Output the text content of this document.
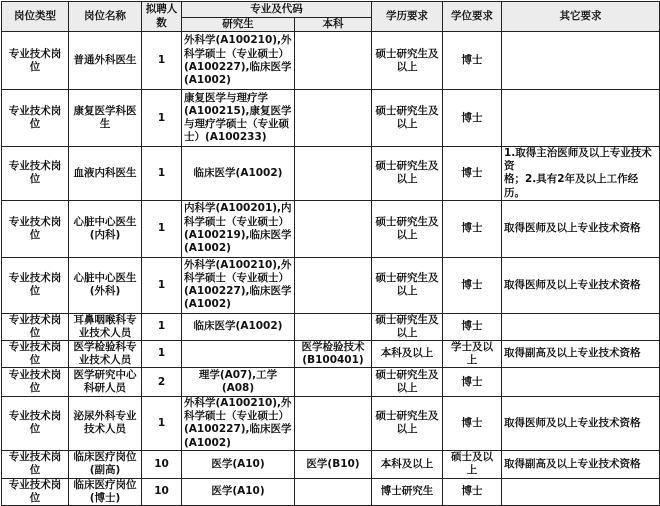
岗位类型	岗位名称	拟聘人
数	专业及代码		学历要求	学位要求	其它要求

			研究生	本科			

专业技术岗
位	普通外科医生	1	外科学(A100210),外
科学硕士（专业硕士）
(A100227),临床医学
(A1002)		硕士研究生及
以上	博士	

专业技术岗
位	康复医学科医生	1	康复医学与理疗学
(A100215),康复医学
与理疗学硕士（专业硕
士）(A100233)		硕士研究生及
以上	博士	

专业技术岗
位	血液内科医生	1	临床医学(A1002)		硕士研究生及
以上	博士	1.取得主治医师及以上专业技术资
格；2.具有2年及以上工作经历。

专业技术岗
位	心脏中心医生
(内科)	1	内科学(A100201),内
科学硕士（专业硕士）
(A100219),临床医学
(A1002)		硕士研究生及
以上	博士	取得医师及以上专业技术资格

专业技术岗
位	心脏中心医生
(外科)	1	外科学(A100210),外
科学硕士（专业硕士）
(A100227),临床医学
(A1002)		硕士研究生及
以上	博士	取得医师及以上专业技术资格

专业技术岗
位	耳鼻咽喉科专
业技术人员	1	临床医学(A1002)		硕士研究生及
以上	博士	

专业技术岗
位	医学检验科专
业技术人员	1		医学检验技术
(B100401)	本科及以上	学士及以
上	取得副高及以上专业技术资格

专业技术岗
位	医学研究中心
科研人员	2	理学(A07),工学(A08)		硕士研究生及
以上	博士	

专业技术岗
位	泌尿外科专业
技术人员	1	外科学(A100210),外
科学硕士（专业硕士）
(A100227),临床医学
(A1002)		硕士研究生及
以上	博士	取得医师及以上专业技术资格

专业技术岗
位	临床医疗岗位
(副高)	10	医学(A10)	医学(B10)	本科及以上	硕士及以
上	取得副高及以上专业技术资格

专业技术岗
位	临床医疗岗位
(博士)	10	医学(A10)		博士研究生	博士	
